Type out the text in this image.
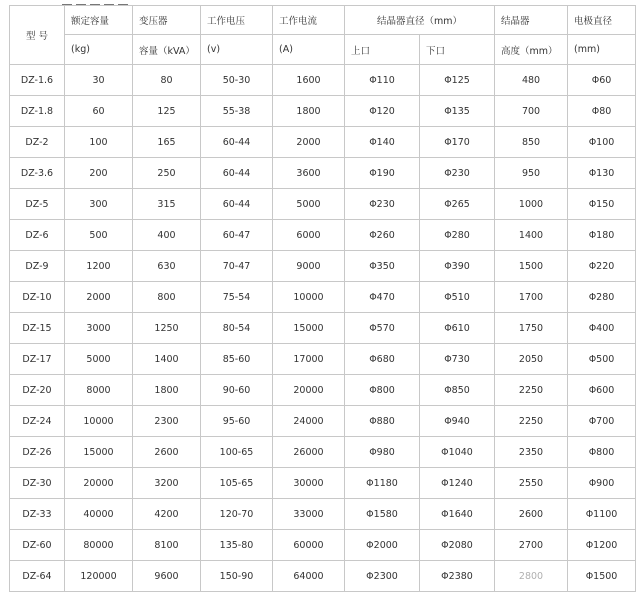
型 号	额定容量	变压器	工作电压	工作电流	结晶器直径（mm）		结晶器	电极直径
	(kg)	容量（kVA）	(v)	(A)	上口	下口	高度（mm）	(mm)
DZ-1.6	30	80	50-30	1600	Φ110	Φ125	480	Φ60
DZ-1.8	60	125	55-38	1800	Φ120	Φ135	700	Φ80
DZ-2	100	165	60-44	2000	Φ140	Φ170	850	Φ100
DZ-3.6	200	250	60-44	3600	Φ190	Φ230	950	Φ130
DZ-5	300	315	60-44	5000	Φ230	Φ265	1000	Φ150
DZ-6	500	400	60-47	6000	Φ260	Φ280	1400	Φ180
DZ-9	1200	630	70-47	9000	Φ350	Φ390	1500	Φ220
DZ-10	2000	800	75-54	10000	Φ470	Φ510	1700	Φ280
DZ-15	3000	1250	80-54	15000	Φ570	Φ610	1750	Φ400
DZ-17	5000	1400	85-60	17000	Φ680	Φ730	2050	Φ500
DZ-20	8000	1800	90-60	20000	Φ800	Φ850	2250	Φ600
DZ-24	10000	2300	95-60	24000	Φ880	Φ940	2250	Φ700
DZ-26	15000	2600	100-65	26000	Φ980	Φ1040	2350	Φ800
DZ-30	20000	3200	105-65	30000	Φ1180	Φ1240	2550	Φ900
DZ-33	40000	4200	120-70	33000	Φ1580	Φ1640	2600	Φ1100
DZ-60	80000	8100	135-80	60000	Φ2000	Φ2080	2700	Φ1200
DZ-64	120000	9600	150-90	64000	Φ2300	Φ2380	2800	Φ1500
